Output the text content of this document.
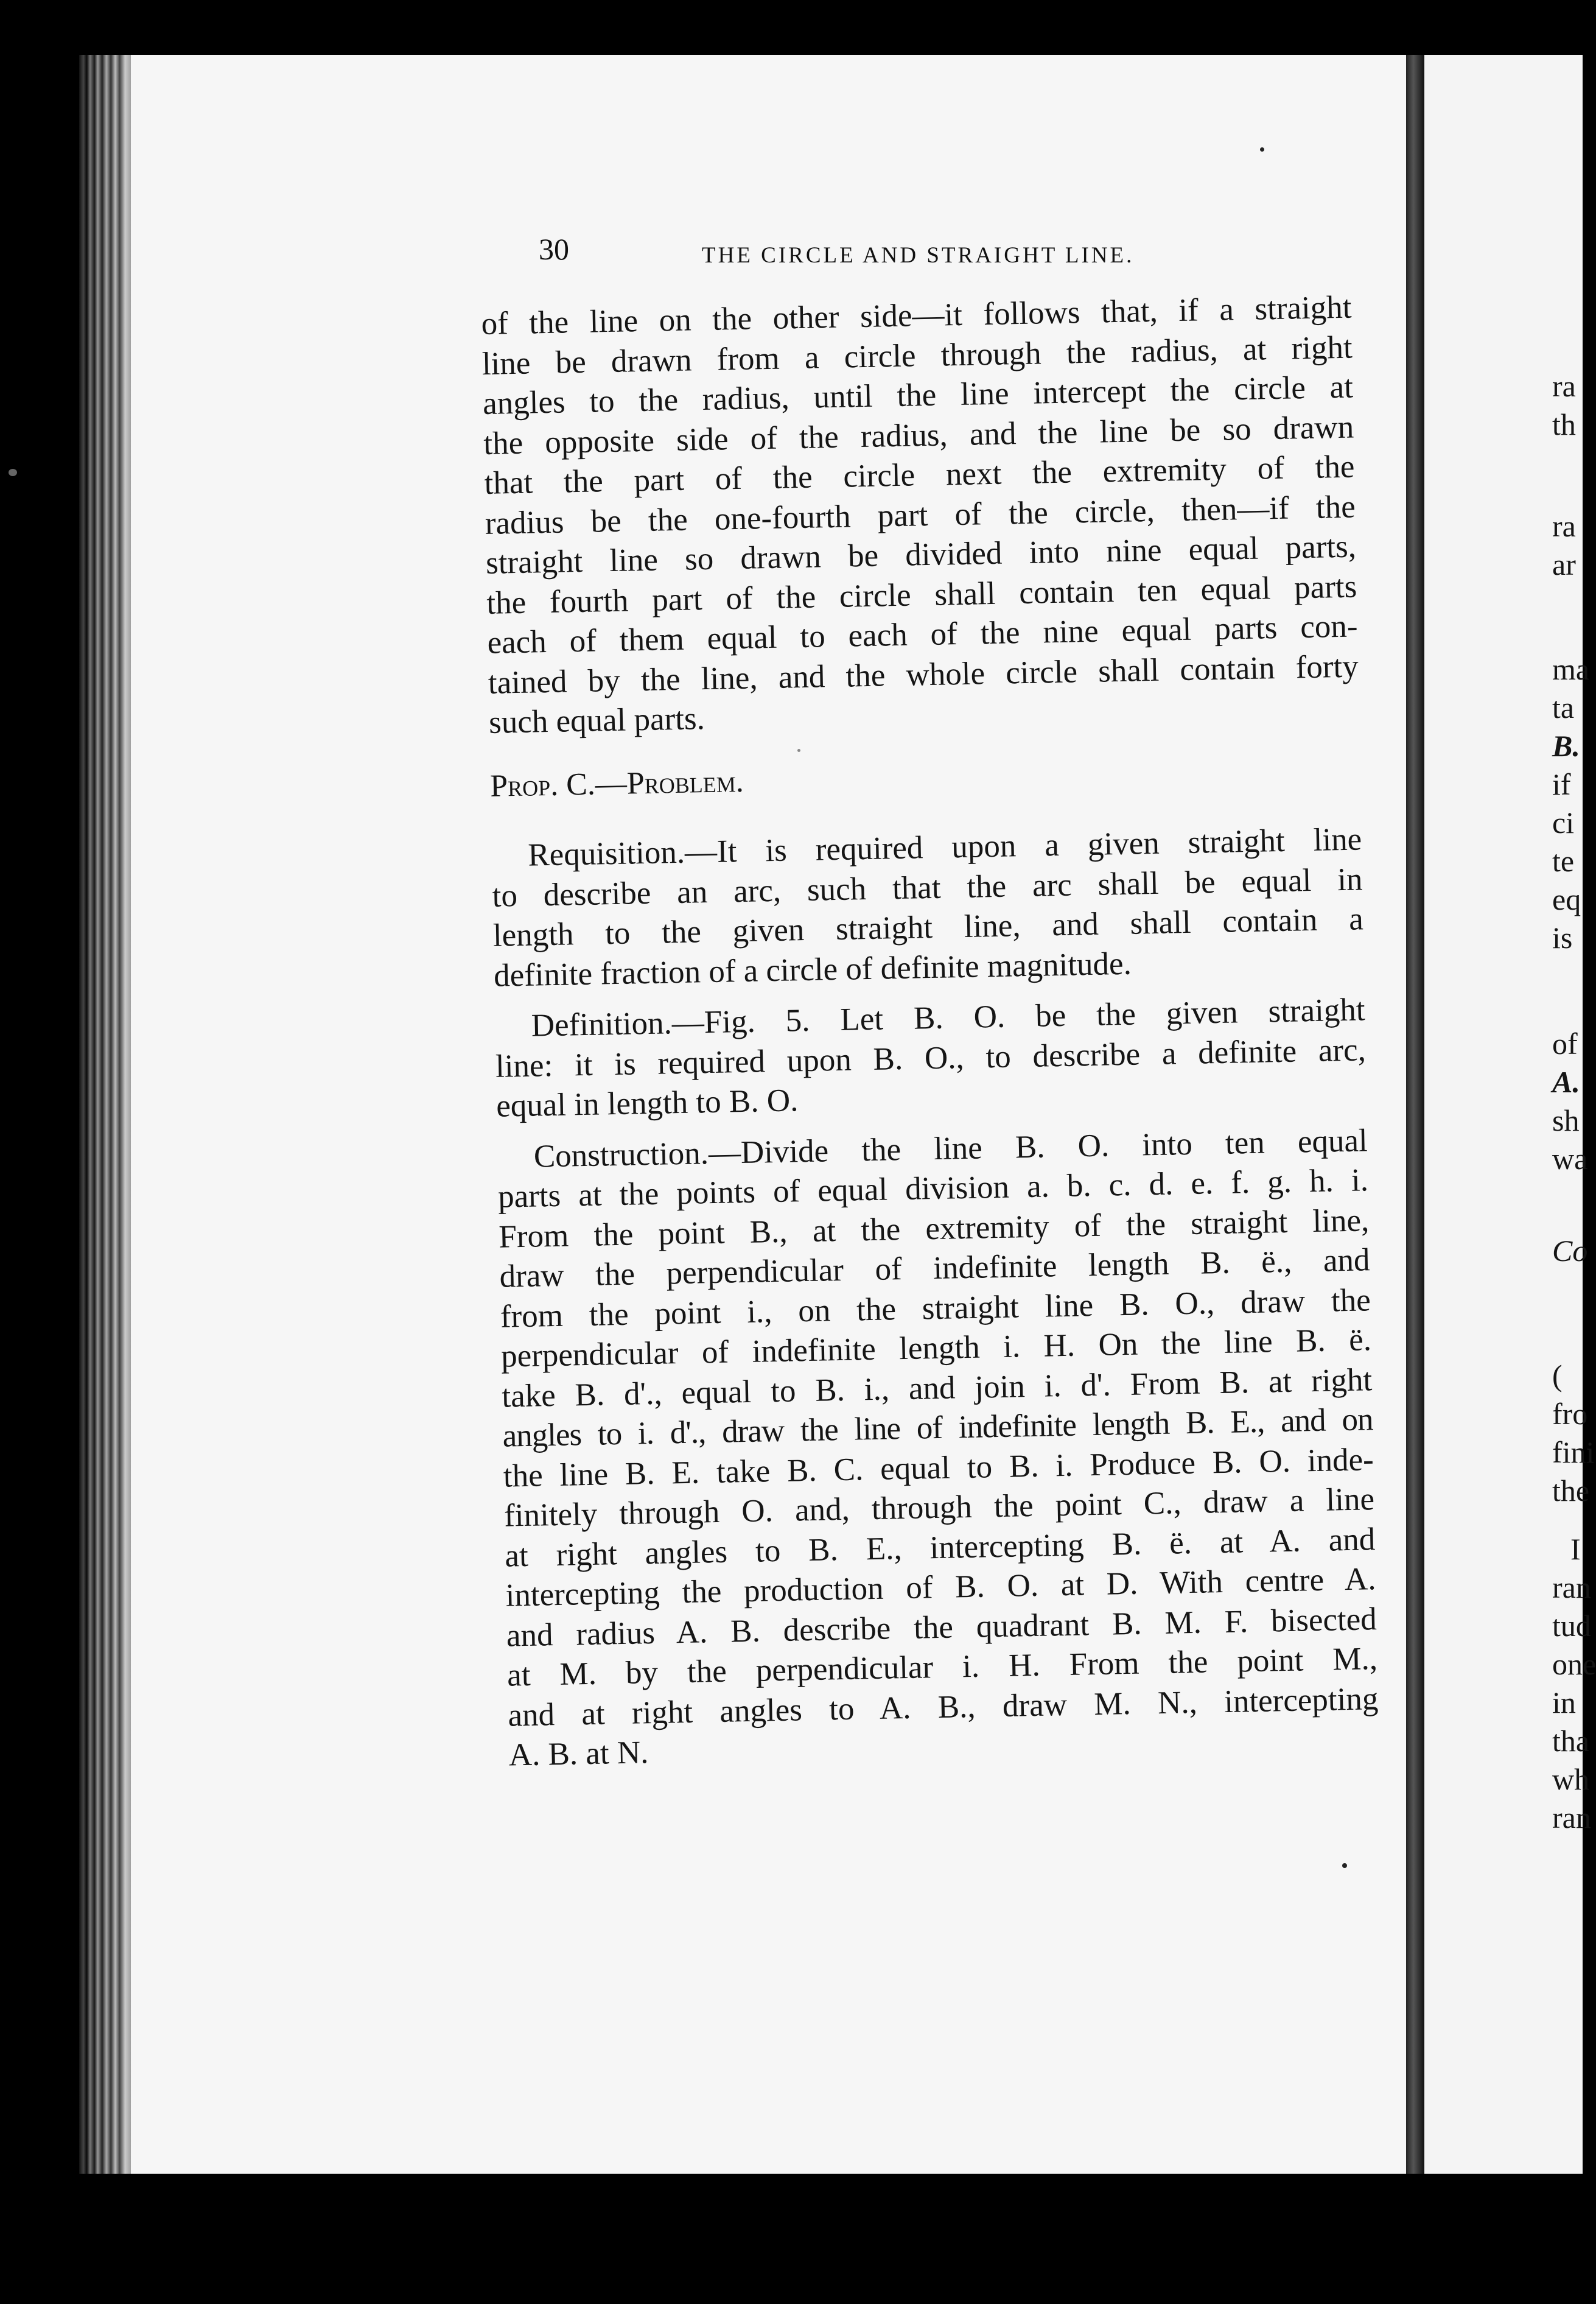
30	THE CIRCLE AND STRAIGHT LINE.

of the line on the other side—it follows that, if a straight
line be drawn from a circle through the radius, at right
angles to the radius, until the line intercept the circle at
the opposite side of the radius, and the line be so drawn
that the part of the circle next the extremity of the
radius be the one-fourth part of the circle, then—if the
straight line so drawn be divided into nine equal parts,
the fourth part of the circle shall contain ten equal parts
each of them equal to each of the nine equal parts con-
tained by the line, and the whole circle shall contain forty
such equal parts.

Prop. C.—Problem.

Requisition.—It is required upon a given straight line
to describe an arc, such that the arc shall be equal in
length to the given straight line, and shall contain a
definite fraction of a circle of definite magnitude.

Definition.—Fig. 5. Let B. O. be the given straight
line: it is required upon B. O., to describe a definite arc,
equal in length to B. O.

Construction.—Divide the line B. O. into ten equal
parts at the points of equal division a. b. c. d. e. f. g. h. i.
From the point B., at the extremity of the straight line,
draw the perpendicular of indefinite length B. ë., and
from the point i., on the straight line B. O., draw the
perpendicular of indefinite length i. H. On the line B. ë.
take B. d'., equal to B. i., and join i. d'. From B. at right
angles to i. d'., draw the line of indefinite length B. E., and on
the line B. E. take B. C. equal to B. i. Produce B. O. inde-
finitely through O. and, through the point C., draw a line
at right angles to B. E., intercepting B. ë. at A. and
intercepting the production of B. O. at D. With centre A.
and radius A. B. describe the quadrant B. M. F. bisected
at M. by the perpendicular i. H. From the point M.,
and at right angles to A. B., draw M. N., intercepting
A. B. at N.

ra
th
ra
ar
ma
ta
B.
if
ci
te
eq
is
of
A.
sh
wa
Co
(
fro
fini
the
I
ran
tud
one
in
tha
wh
ran
